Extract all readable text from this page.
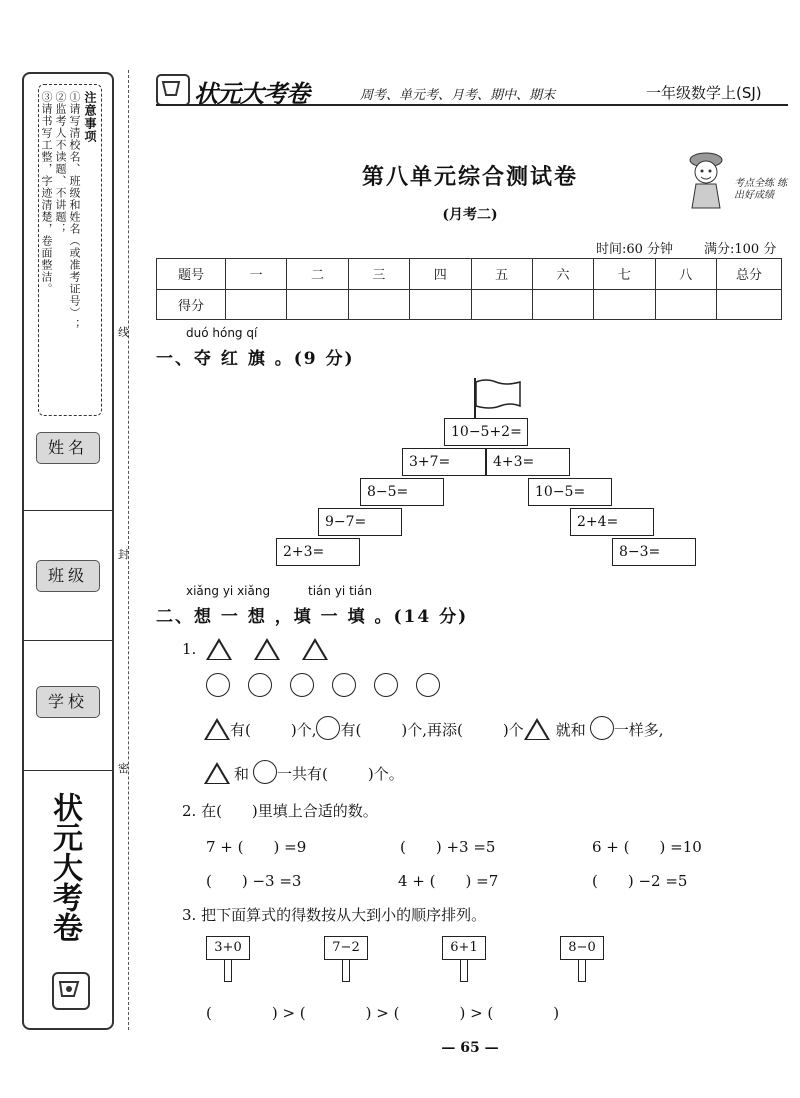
注意事项
①请写清校名、班级和姓名（或准考证号）；
②监考人不读题、不讲题；
③请书写工整，字迹清楚，卷面整洁。
姓名
班级
学校
状元大考卷
线
封
密
状元大考卷	周考、单元考、月考、期中、期末	一年级数学上(SJ)
考点全练 练出好成绩
第八单元综合测试卷
(月考二)
时间:60 分钟 满分:100 分
题号	一	二	三	四	五	六	七	八	总分
得分									
duó hóng qí
一、夺 红 旗 。(9 分)
10−5+2=
3+7=	4+3=
8−5=	10−5=
9−7=	2+4=
2+3=	8−3=
xiǎng yi xiǎng	tián yi tián
二、想 一 想 ，填 一 填 。(14 分)
1.
有(	)个, 有(	)个,再添(	)个 就和 一样多,
和 一共有(	)个。
2. 在(　　)里填上合适的数。
7 + (　　) =9	(　　) +3 =5	6 + (　　) =10
(　　) −3 =3	4 + (　　) =7	(　　) −2 =5
3. 把下面算式的得数按从大到小的顺序排列。
3+0	7−2	6+1	8−0
(　　　　) > (　　　　) > (　　　　) > (　　　　)
— 65 —
